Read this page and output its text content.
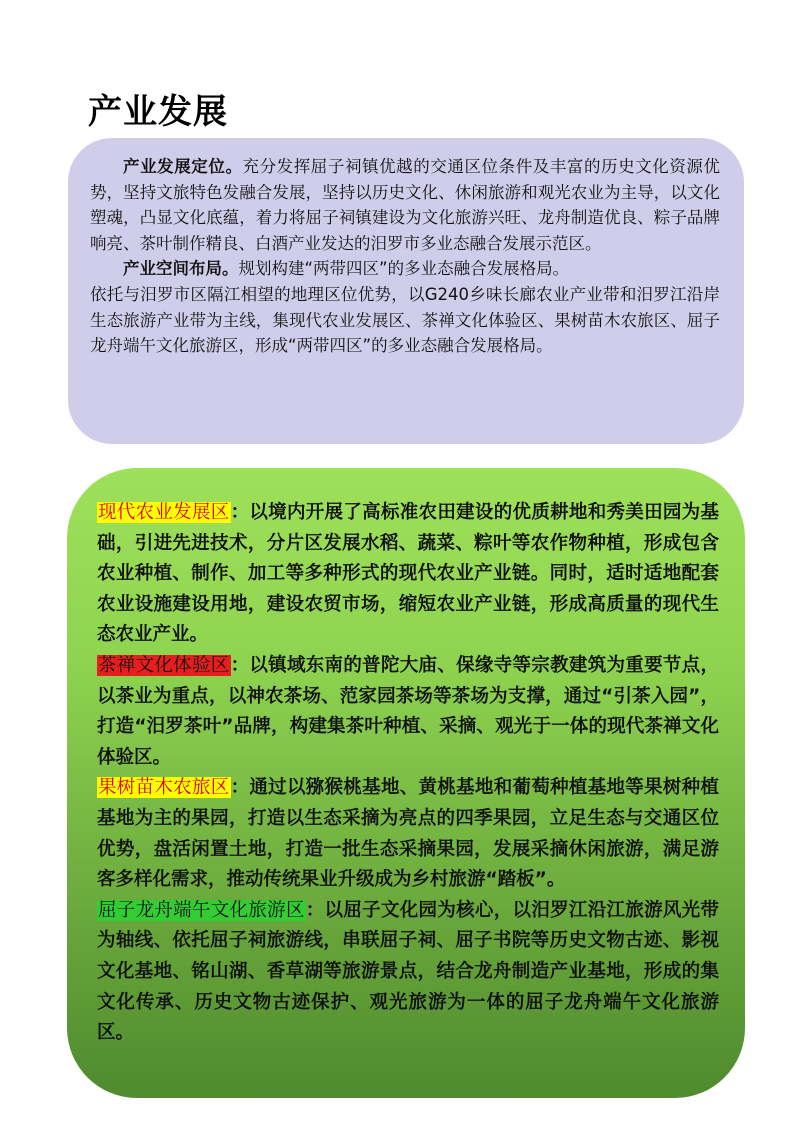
产业发展

产业发展定位。充分发挥屈子祠镇优越的交通区位条件及丰富的历史文化资源优势，坚持文旅特色发融合发展，坚持以历史文化、休闲旅游和观光农业为主导，以文化塑魂，凸显文化底蕴，着力将屈子祠镇建设为文化旅游兴旺、龙舟制造优良、粽子品牌响亮、茶叶制作精良、白酒产业发达的汨罗市多业态融合发展示范区。

产业空间布局。规划构建“两带四区”的多业态融合发展格局。

依托与汨罗市区隔江相望的地理区位优势，以G240乡味长廊农业产业带和汨罗江沿岸生态旅游产业带为主线，集现代农业发展区、茶禅文化体验区、果树苗木农旅区、屈子龙舟端午文化旅游区，形成“两带四区”的多业态融合发展格局。

现代农业发展区：以境内开展了高标准农田建设的优质耕地和秀美田园为基础，引进先进技术，分片区发展水稻、蔬菜、粽叶等农作物种植，形成包含农业种植、制作、加工等多种形式的现代农业产业链。同时，适时适地配套农业设施建设用地，建设农贸市场，缩短农业产业链，形成高质量的现代生态农业产业。

茶禅文化体验区：以镇域东南的普陀大庙、保缘寺等宗教建筑为重要节点，以茶业为重点，以神农茶场、范家园茶场等茶场为支撑，通过“引茶入园”，打造“汨罗茶叶”品牌，构建集茶叶种植、采摘、观光于一体的现代茶禅文化体验区。

果树苗木农旅区：通过以猕猴桃基地、黄桃基地和葡萄种植基地等果树种植基地为主的果园，打造以生态采摘为亮点的四季果园，立足生态与交通区位优势，盘活闲置土地，打造一批生态采摘果园，发展采摘休闲旅游，满足游客多样化需求，推动传统果业升级成为乡村旅游“踏板”。

屈子龙舟端午文化旅游区：以屈子文化园为核心，以汨罗江沿江旅游风光带为轴线、依托屈子祠旅游线，串联屈子祠、屈子书院等历史文物古迹、影视文化基地、铭山湖、香草湖等旅游景点，结合龙舟制造产业基地，形成的集文化传承、历史文物古迹保护、观光旅游为一体的屈子龙舟端午文化旅游区。
